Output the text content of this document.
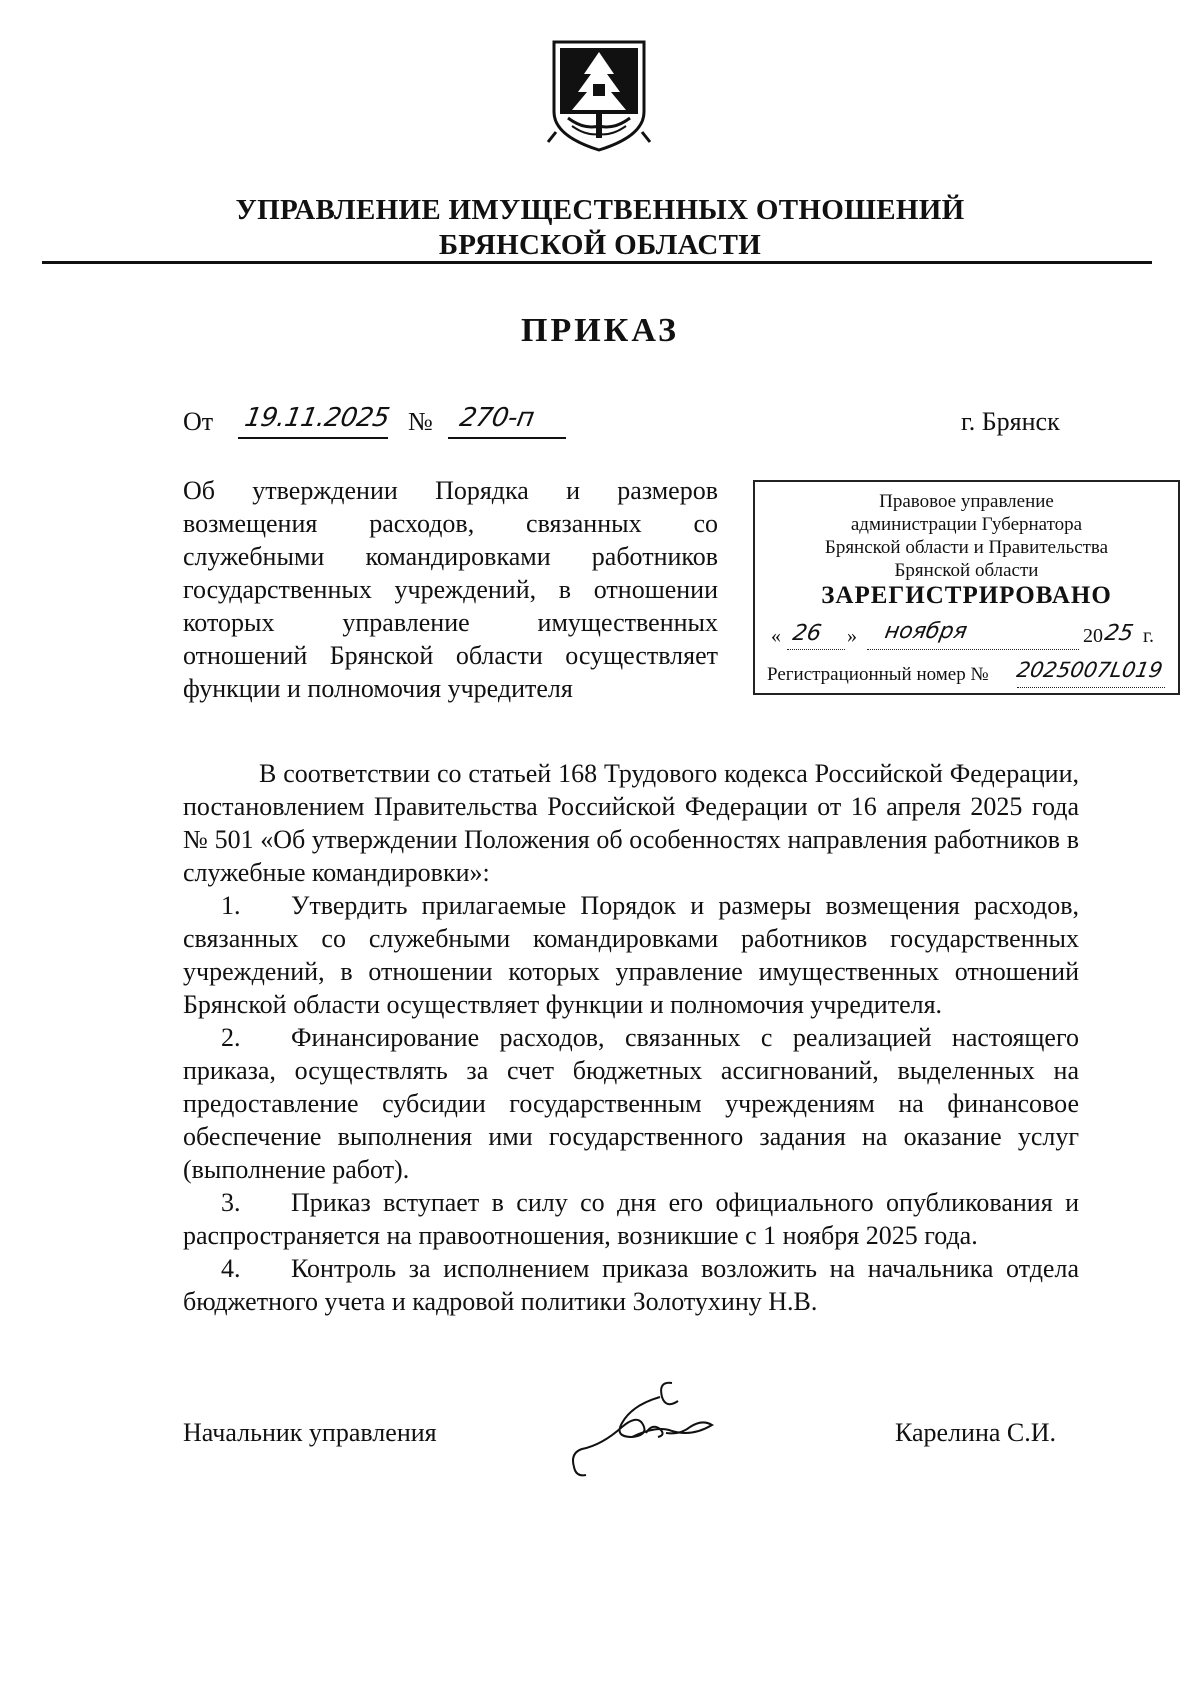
УПРАВЛЕНИЕ ИМУЩЕСТВЕННЫХ ОТНОШЕНИЙ
БРЯНСКОЙ ОБЛАСТИ
ПРИКАЗ
От 19.11.2025 № 270-п	г. Брянск
Об утверждении Порядка и размеров возмещения расходов, связанных со служебными командировками работников государственных учреждений, в отношении которых управление имущественных отношений Брянской области осуществляет функции и полномочия учредителя
Правовое управление
администрации Губернатора
Брянской области и Правительства
Брянской области
ЗАРЕГИСТРИРОВАНО
« 26 » ноября	20 25 г.
Регистрационный номер № 2025007L019

В соответствии со статьей 168 Трудового кодекса Российской Федерации, постановлением Правительства Российской Федерации от 16 апреля 2025 года № 501 «Об утверждении Положения об особенностях направления работников в служебные командировки»:

1. Утвердить прилагаемые Порядок и размеры возмещения расходов, связанных со служебными командировками работников государственных учреждений, в отношении которых управление имущественных отношений Брянской области осуществляет функции и полномочия учредителя.

2. Финансирование расходов, связанных с реализацией настоящего приказа, осуществлять за счет бюджетных ассигнований, выделенных на предоставление субсидии государственным учреждениям на финансовое обеспечение выполнения ими государственного задания на оказание услуг (выполнение работ).

3. Приказ вступает в силу со дня его официального опубликования и распространяется на правоотношения, возникшие с 1 ноября 2025 года.

4. Контроль за исполнением приказа возложить на начальника отдела бюджетного учета и кадровой политики Золотухину Н.В.

Начальник управления	Карелина С.И.
